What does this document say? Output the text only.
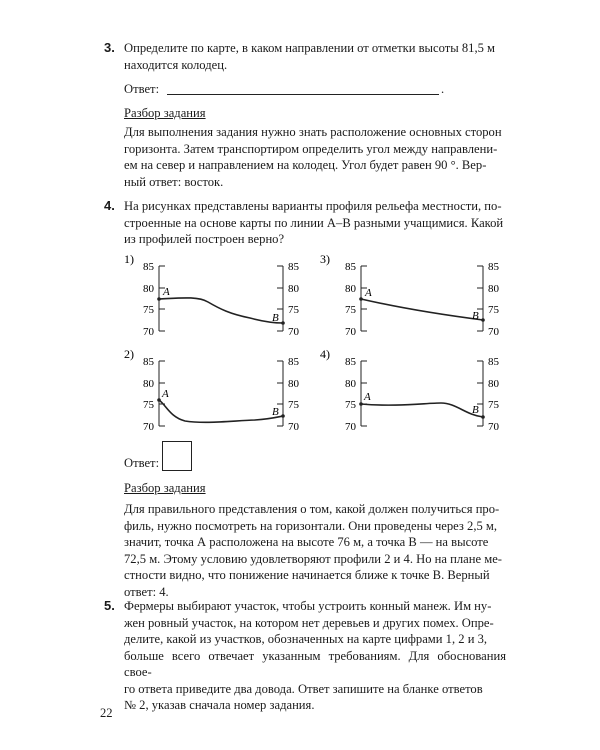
3. Определите по карте, в каком направлении от отметки высоты 81,5 м
находится колодец.
Ответ:	.
Разбор задания
Для выполнения задания нужно знать расположение основных сторон
горизонта. Затем транспортиром определить угол между направлени-
ем на север и направлением на колодец. Угол будет равен 90 °. Вер-
ный ответ: восток.
4. На рисунках представлены варианты профиля рельефа местности, по-
строенные на основе карты по линии А–В разными учащимися. Какой
из профилей построен верно?
1)
85
80
75
70
85
80
75
70
A
B
3)
85
80
75
70
85
80
75
70
A
B
2)
85
80
75
70
85
80
75
70
A
B
4)
85
80
75
70
85
80
75
70
A
B
Ответ:
Разбор задания
Для правильного представления о том, какой должен получиться про-
филь, нужно посмотреть на горизонтали. Они проведены через 2,5 м,
значит, точка А расположена на высоте 76 м, а точка В — на высоте
72,5 м. Этому условию удовлетворяют профили 2 и 4. Но на плане ме-
стности видно, что понижение начинается ближе к точке В. Верный
ответ: 4.
5. Фермеры выбирают участок, чтобы устроить конный манеж. Им ну-
жен ровный участок, на котором нет деревьев и других помех. Опре-
делите, какой из участков, обозначенных на карте цифрами 1, 2 и 3,
больше всего отвечает указанным требованиям. Для обоснования свое-
го ответа приведите два довода. Ответ запишите на бланке ответов
№ 2, указав сначала номер задания.
22
